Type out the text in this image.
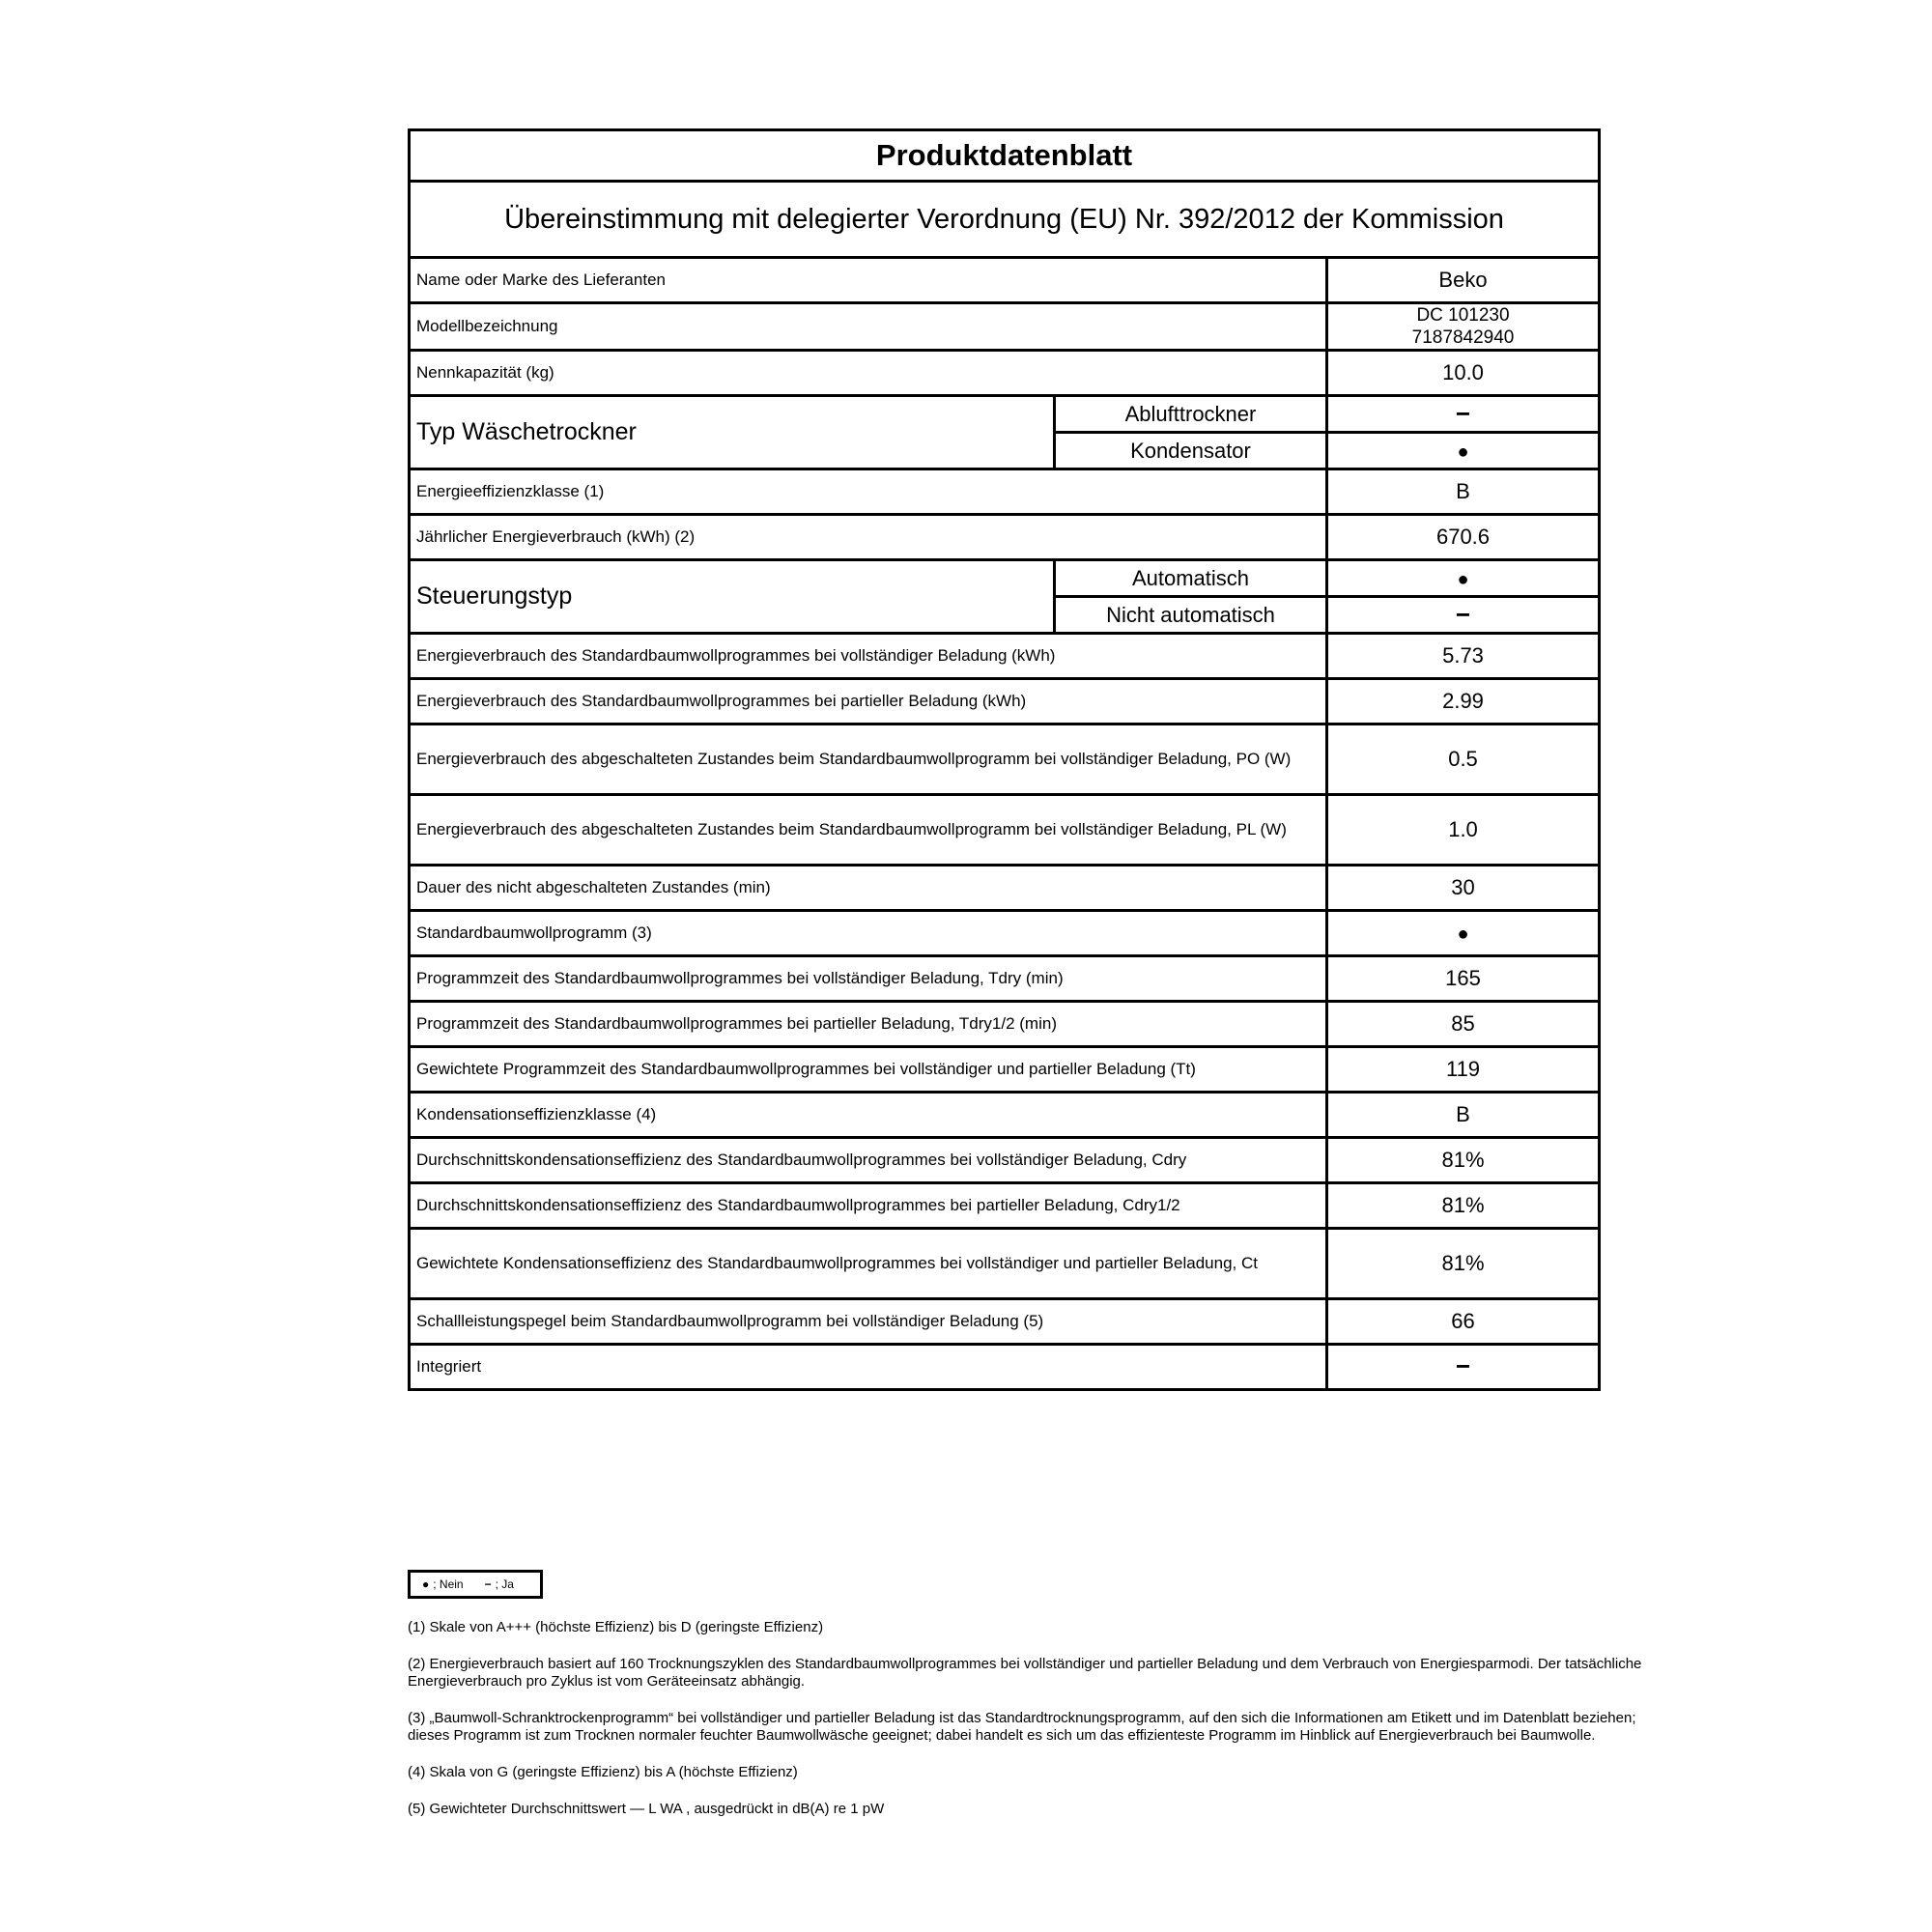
Produktdatenblatt		
Übereinstimmung mit delegierter Verordnung (EU) Nr. 392/2012 der Kommission		
Name oder Marke des Lieferanten		Beko
Modellbezeichnung		DC 101230
7187842940

Nennkapazität (kg)		10.0
Typ Wäschetrockner	Ablufttrockner	−
	Kondensator	●
Energieeffizienzklasse (1)		B
Jährlicher Energieverbrauch (kWh) (2)		670.6
Steuerungstyp	Automatisch	●
	Nicht automatisch	−
Energieverbrauch des Standardbaumwollprogrammes bei vollständiger Beladung (kWh)		5.73
Energieverbrauch des Standardbaumwollprogrammes bei partieller Beladung (kWh)		2.99
Energieverbrauch des abgeschalteten Zustandes beim Standardbaumwollprogramm bei vollständiger Beladung, PO (W)		0.5
Energieverbrauch des abgeschalteten Zustandes beim Standardbaumwollprogramm bei vollständiger Beladung, PL (W)		1.0
Dauer des nicht abgeschalteten Zustandes (min)		30
Standardbaumwollprogramm (3)		●
Programmzeit des Standardbaumwollprogrammes bei vollständiger Beladung, Tdry (min)		165
Programmzeit des Standardbaumwollprogrammes bei partieller Beladung, Tdry1/2 (min)		85
Gewichtete Programmzeit des Standardbaumwollprogrammes bei vollständiger und partieller Beladung (Tt)		119
Kondensationseffizienzklasse (4)		B
Durchschnittskondensationseffizienz des Standardbaumwollprogrammes bei vollständiger Beladung, Cdry		81%
Durchschnittskondensationseffizienz des Standardbaumwollprogrammes bei partieller Beladung, Cdry1/2		81%
Gewichtete Kondensationseffizienz des Standardbaumwollprogrammes bei vollständiger und partieller Beladung, Ct		81%
Schallleistungspegel beim Standardbaumwollprogramm bei vollständiger Beladung (5)		66
Integriert		−
● ; Nein − ; Ja

(1) Skale von A+++ (höchste Effizienz) bis D (geringste Effizienz)

(2) Energieverbrauch basiert auf 160 Trocknungszyklen des Standardbaumwollprogrammes bei vollständiger und partieller Beladung und dem Verbrauch von Energiesparmodi. Der tatsächliche Energieverbrauch pro Zyklus ist vom Geräteeinsatz abhängig.

(3) „Baumwoll-Schranktrockenprogramm“ bei vollständiger und partieller Beladung ist das Standardtrocknungsprogramm, auf den sich die Informationen am Etikett und im Datenblatt beziehen; dieses Programm ist zum Trocknen normaler feuchter Baumwollwäsche geeignet; dabei handelt es sich um das effizienteste Programm im Hinblick auf Energieverbrauch bei Baumwolle.

(4) Skala von G (geringste Effizienz) bis A (höchste Effizienz)

(5) Gewichteter Durchschnittswert — L WA , ausgedrückt in dB(A) re 1 pW
